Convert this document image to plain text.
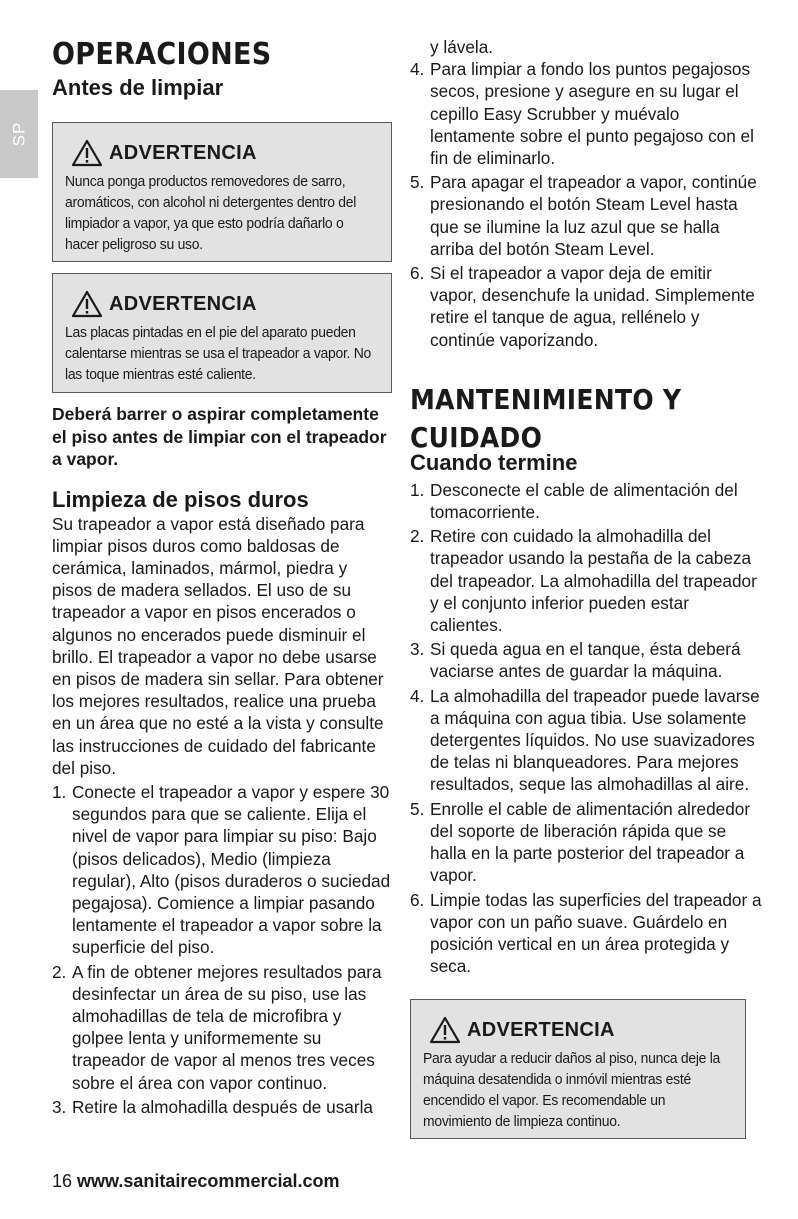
SP
OPERACIONES
Antes de limpiar
ADVERTENCIA
Nunca ponga productos removedores de sarro, aromáticos, con alcohol ni detergentes dentro del limpiador a vapor, ya que esto podría dañarlo o hacer peligroso su uso.
ADVERTENCIA
Las placas pintadas en el pie del aparato pueden calentarse mientras se usa el trapeador a vapor. No las toque mientras esté caliente.

Deberá barrer o aspirar completamente el piso antes de limpiar con el trapeador a vapor.

Limpieza de pisos duros

Su trapeador a vapor está diseñado para limpiar pisos duros como baldosas de cerámica, laminados, mármol, piedra y pisos de madera sellados. El uso de su trapeador a vapor en pisos encerados o algunos no encerados puede disminuir el brillo. El trapeador a vapor no debe usarse en pisos de madera sin sellar. Para obtener los mejores resultados, realice una prueba en un área que no esté a la vista y consulte las instrucciones de cuidado del fabricante del piso.

1. Conecte el trapeador a vapor y espere 30 segundos para que se caliente. Elija el nivel de vapor para limpiar su piso: Bajo (pisos delicados), Medio (limpieza regular), Alto (pisos duraderos o suciedad pegajosa). Comience a limpiar pasando lentamente el trapeador a vapor sobre la superficie del piso.
2. A fin de obtener mejores resultados para desinfectar un área de su piso, use las almohadillas de tela de microfibra y golpee lenta y uniformemente su trapeador de vapor al menos tres veces sobre el área con vapor continuo.
3. Retire la almohadilla después de usarla
y lávela.
4. Para limpiar a fondo los puntos pegajosos secos, presione y asegure en su lugar el cepillo Easy Scrubber y muévalo lentamente sobre el punto pegajoso con el fin de eliminarlo.
5. Para apagar el trapeador a vapor, continúe presionando el botón Steam Level hasta que se ilumine la luz azul que se halla arriba del botón Steam Level.
6. Si el trapeador a vapor deja de emitir vapor, desenchufe la unidad. Simplemente retire el tanque de agua, rellénelo y continúe vaporizando.
MANTENIMIENTO Y CUIDADO
Cuando termine
1. Desconecte el cable de alimentación del tomacorriente.
2. Retire con cuidado la almohadilla del trapeador usando la pestaña de la cabeza del trapeador. La almohadilla del trapeador y el conjunto inferior pueden estar calientes.
3. Si queda agua en el tanque, ésta deberá vaciarse antes de guardar la máquina.
4. La almohadilla del trapeador puede lavarse a máquina con agua tibia. Use solamente detergentes líquidos. No use suavizadores de telas ni blanqueadores. Para mejores resultados, seque las almohadillas al aire.
5. Enrolle el cable de alimentación alrededor del soporte de liberación rápida que se halla en la parte posterior del trapeador a vapor.
6. Limpie todas las superficies del trapeador a vapor con un paño suave. Guárdelo en posición vertical en un área protegida y seca.
ADVERTENCIA
Para ayudar a reducir daños al piso, nunca deje la máquina desatendida o inmóvil mientras esté encendido el vapor. Es recomendable un movimiento de limpieza continuo.
16 www.sanitairecommercial.com
